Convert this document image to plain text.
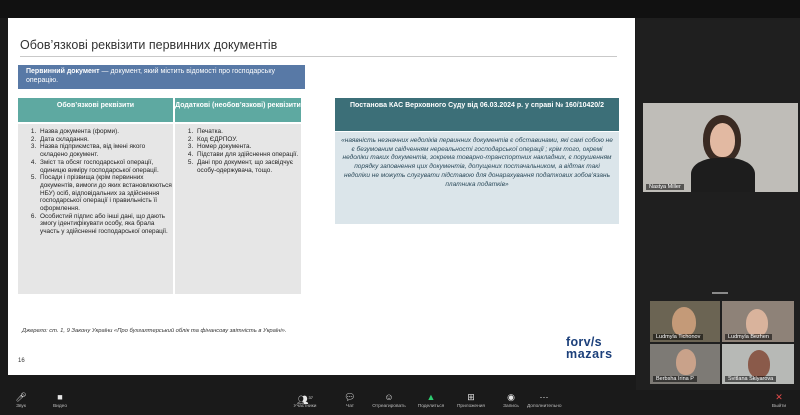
Обов’язкові реквізити первинних документів
Первинний документ — документ, який містить відомості про господарську операцію.
Обов’язкові реквізити	Додаткові (необов’язкові) реквізити
1. Назва документа (форми).
2. Дата складання.
3. Назва підприємства, від імені якого складено документ.
4. Зміст та обсяг господарської операції, одиницю виміру господарської операції.
5. Посади і прізвища (крім первинних документів, вимоги до яких встановлюються НБУ) осіб, відповідальних за здійснення господарської операції і правильність її оформлення.
6. Особистий підпис або інші дані, що дають змогу ідентифікувати особу, яка брала участь у здійсненні господарської операції.
1. Печатка.
2. Код ЄДРПОУ.
3. Номер документа.
4. Підстави для здійснення операції.
5. Дані про документ, що засвідчує особу-одержувача, тощо.
Постанова КАС Верховного Суду від 06.03.2024 р. у справі № 160/10420/2
«наявність незначних недоліків первинних документів є обставинами, які самі собою не є безумовним свідченням нереальності господарської операції ; крім того, окремі недоліки таких документів, зокрема товарно-транспортних накладних, є порушенням порядку заповнення цих документів, допущених постачальником, а відтак такі недоліки не можуть слугувати підставою для донарахування податкових зобов’язань платника податків»
Джерело: ст. 1, 9 Закону України «Про бухгалтерський облік та фінансову звітність в Україні».
16
forv/s
mazars
Nastya Miller
Ludmyla Tichonov	Ludmyla Bezhen
Berbsha Irina P	Svitlana Sklyarova
🎤︎
Звук
■
Видео
👥︎$^{37}$
Участники
💬︎
Чат
☺
Отреагировать
▲
Поделиться
⊞
Приложения
◉
Запись
⋯
Дополнительно
✕
Выйти
